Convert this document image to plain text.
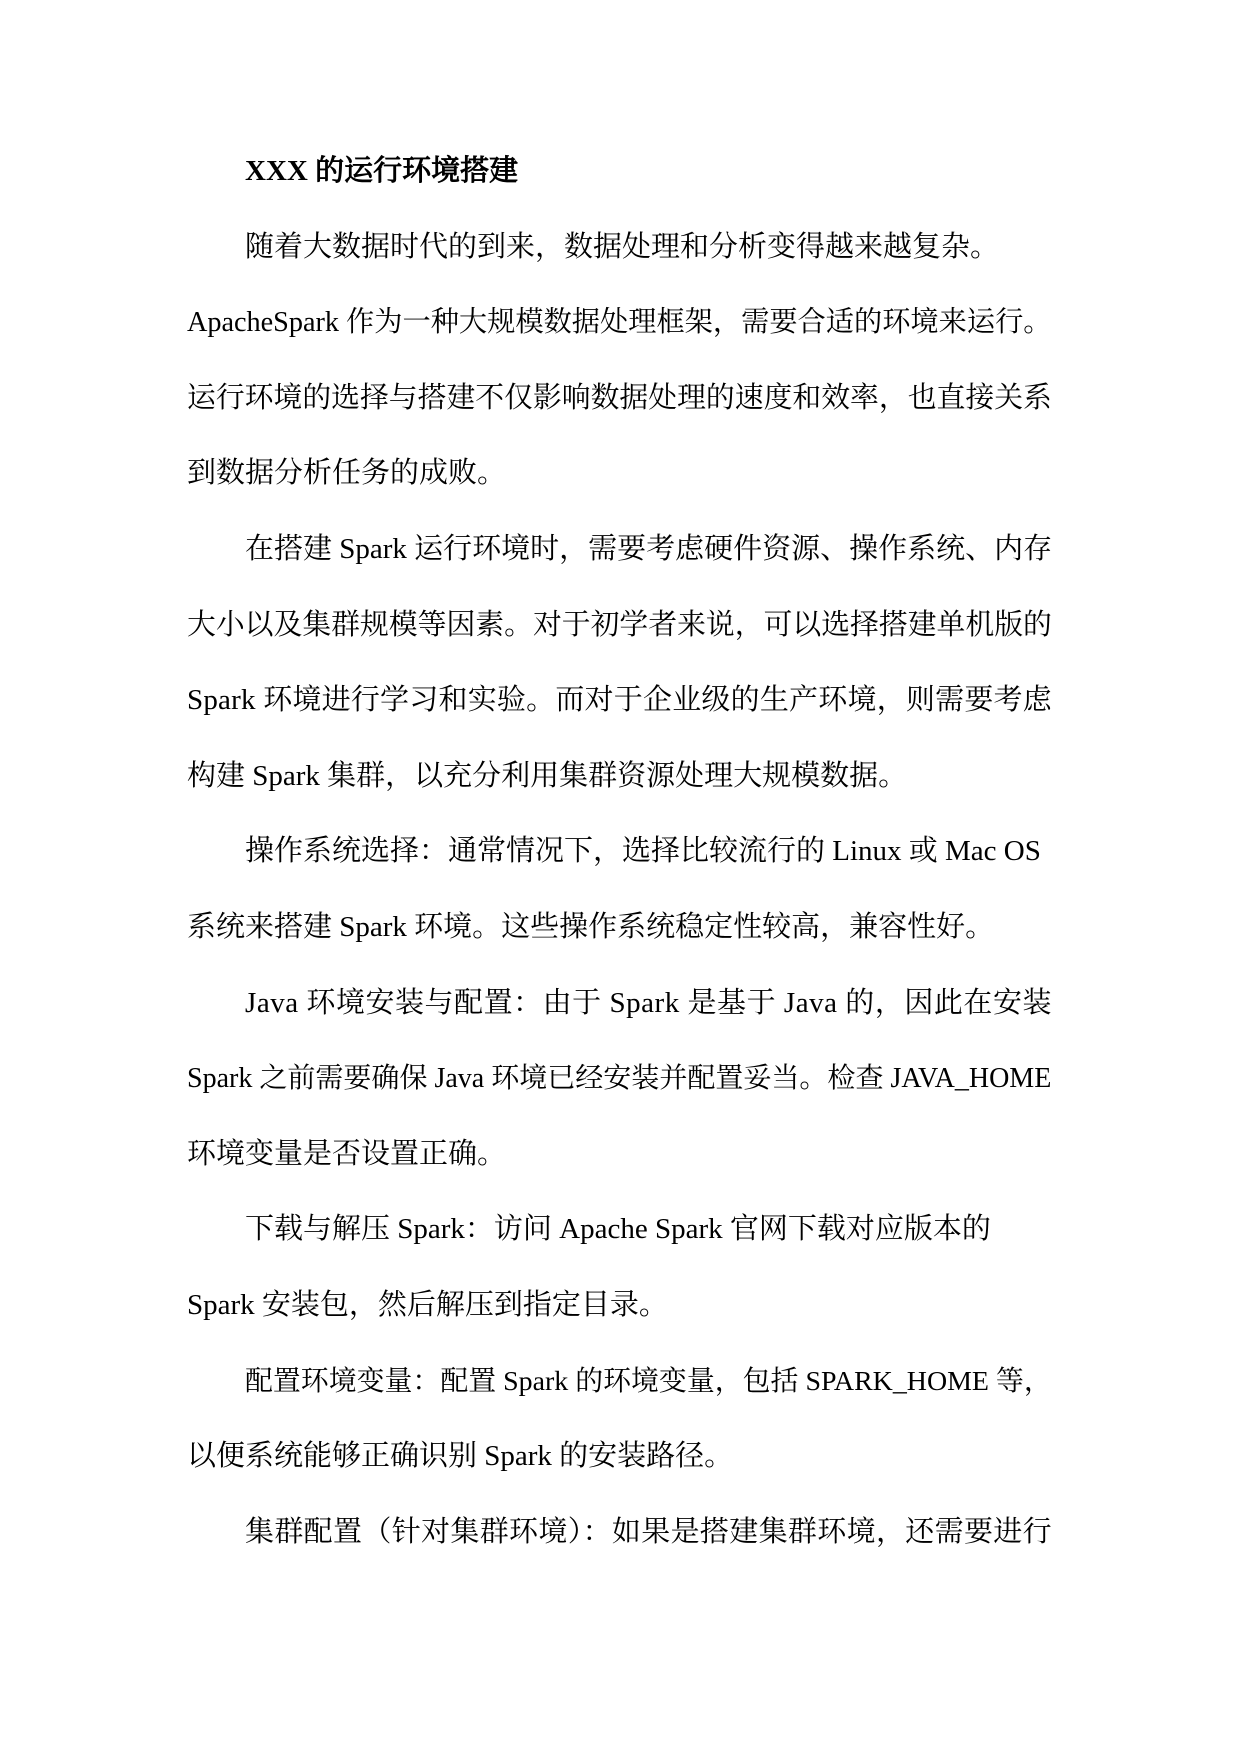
XXX 的运行环境搭建
随着大数据时代的到来，数据处理和分析变得越来越复杂。
ApacheSpark 作为一种大规模数据处理框架，需要合适的环境来运行。
运行环境的选择与搭建不仅影响数据处理的速度和效率，也直接关系
到数据分析任务的成败。
在搭建 Spark 运行环境时，需要考虑硬件资源、操作系统、内存
大小以及集群规模等因素。对于初学者来说，可以选择搭建单机版的
Spark 环境进行学习和实验。而对于企业级的生产环境，则需要考虑
构建 Spark 集群，以充分利用集群资源处理大规模数据。
操作系统选择：通常情况下，选择比较流行的 Linux 或 Mac OS
系统来搭建 Spark 环境。这些操作系统稳定性较高，兼容性好。
Java 环境安装与配置：由于 Spark 是基于 Java 的，因此在安装
Spark 之前需要确保 Java 环境已经安装并配置妥当。检查 JAVA_HOME
环境变量是否设置正确。
下载与解压 Spark：访问 Apache Spark 官网下载对应版本的
Spark 安装包，然后解压到指定目录。
配置环境变量：配置 Spark 的环境变量，包括 SPARK_HOME 等，
以便系统能够正确识别 Spark 的安装路径。
集群配置（针对集群环境）：如果是搭建集群环境，还需要进行
